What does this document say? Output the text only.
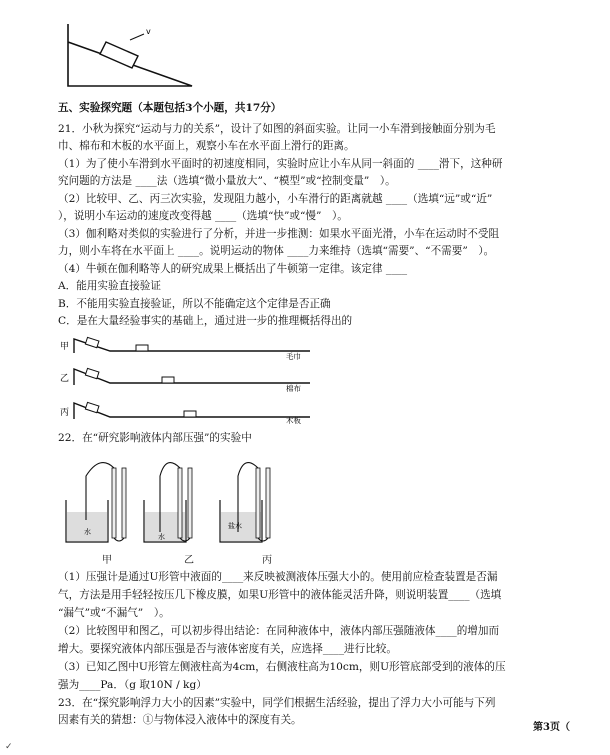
v
五、实验探究题（本题包括3个小题，共17分）
21．小秋为探究“运动与力的关系”，设计了如图的斜面实验。让同一小车滑到接触面分别为毛
巾、棉布和木板的水平面上，观察小车在水平面上滑行的距离。
（1）为了使小车滑到水平面时的初速度相同，实验时应让小车从同一斜面的 ____滑下，这种研
究问题的方法是 ____法（选填“微小量放大”、“模型”或“控制变量”　）。
（2）比较甲、乙、丙三次实验，发现阻力越小，小车滑行的距离就越 ____（选填“远”或“近”
），说明小车运动的速度改变得越 ____（选填“快”或“慢”　）。
（3）伽利略对类似的实验进行了分析，并进一步推测：如果水平面光滑，小车在运动时不受阻
力，则小车将在水平面上 ____。说明运动的物体 ____力来维持（选填“需要”、“不需要”　）。
（4）牛顿在伽利略等人的研究成果上概括出了牛顿第一定律。该定律 ____
A．能用实验直接验证
B．不能用实验直接验证，所以不能确定这个定律是否正确
C．是在大量经验事实的基础上，通过进一步的推理概括得出的
甲
毛巾
乙
棉布
丙
木板
22．在“研究影响液体内部压强”的实验中
水
水
盐水
甲	乙	丙
（1）压强计是通过U形管中液面的____来反映被测液体压强大小的。使用前应检查装置是否漏
气，方法是用手轻轻按压几下橡皮膜，如果U形管中的液体能灵活升降，则说明装置____（选填
“漏气”或“不漏气”　）。
（2）比较图甲和图乙，可以初步得出结论：在同种液体中，液体内部压强随液体____的增加而
增大。要探究液体内部压强是否与液体密度有关，应选择____进行比较。
（3）已知乙图中U形管左侧液柱高为4cm，右侧液柱高为10cm，则U形管底部受到的液体的压
强为____Pa．（g 取10N / kg）
23．在“探究影响浮力大小的因素”实验中，同学们根据生活经验，提出了浮力大小可能与下列
因素有关的猜想：①与物体浸入液体中的深度有关。
第3页（
✓
